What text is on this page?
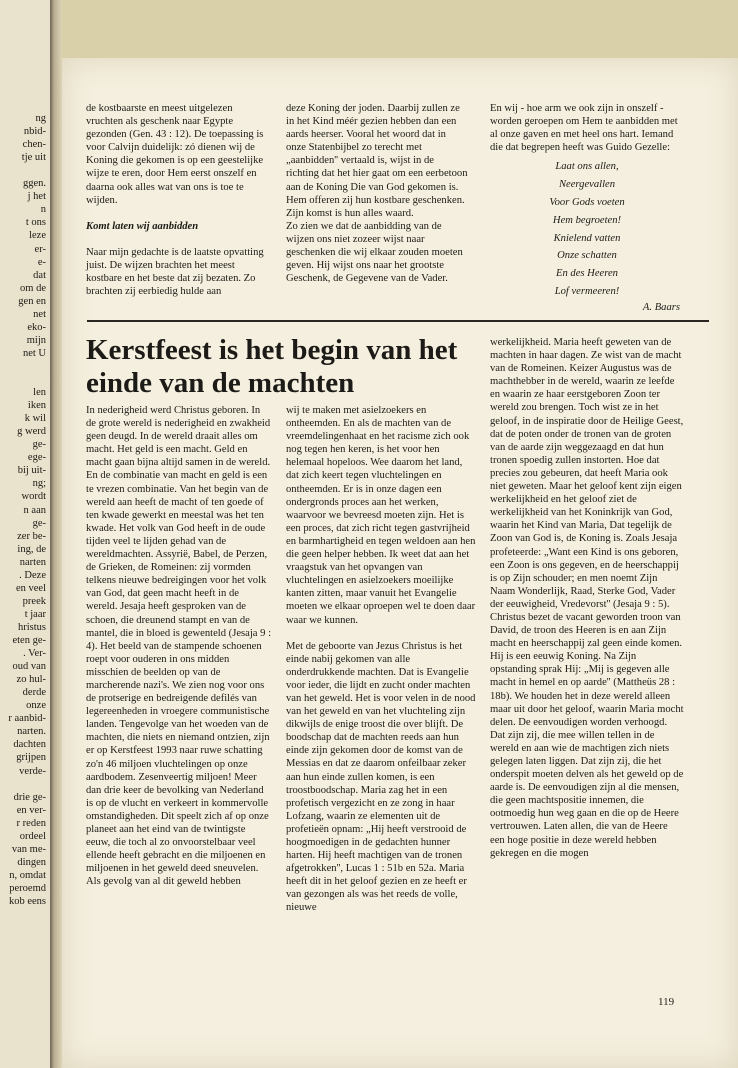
ng
nbid-
chen-
tje uit
ggen.
j het
n
t ons
leze
er-
e-
dat
om de
gen en
net
eko-
mijn
net U
len
iken
k wil
g werd
ge-
ege-
bij uit-
ng;
wordt
n aan
ge-
zer be-
ing, de
narten
. Deze
en veel
preek
t jaar
hristus
eten ge-
. Ver-
oud van
zo hul-
derde
onze
r aanbid-
narten.
dachten
grijpen
verde-
drie ge-
en ver-
r reden
ordeel
van me-
dingen
n, omdat
peroemd
kob eens

de kostbaarste en meest uitgelezen vruchten als geschenk naar Egypte gezonden (Gen. 43 : 12). De toepassing is voor Calvijn duidelijk: zó dienen wij de Koning die gekomen is op een geestelijke wijze te eren, door Hem eerst onszelf en daarna ook alles wat van ons is toe te wijden.

Komt laten wij aanbidden

Naar mijn gedachte is de laatste opvatting juist. De wijzen brachten het meest kostbare en het beste dat zij bezaten. Zo brachten zij eerbiedig hulde aan

deze Koning der joden. Daarbij zullen ze in het Kind méér gezien hebben dan een aards heerser. Vooral het woord dat in onze Statenbijbel zo terecht met „aanbidden'' vertaald is, wijst in de richting dat het hier gaat om een eerbetoon aan de Koning Die van God gekomen is. Hem offeren zij hun kostbare geschenken. Zijn komst is hun alles waard.

Zo zien we dat de aanbidding van de wijzen ons niet zozeer wijst naar geschenken die wij elkaar zouden moeten geven. Hij wijst ons naar het grootste Geschenk, de Gegevene van de Vader.

En wij - hoe arm we ook zijn in onszelf - worden geroepen om Hem te aanbidden met al onze gaven en met heel ons hart. Iemand die dat begrepen heeft was Guido Gezelle:

Laat ons allen,
Neergevallen
Voor Gods voeten
Hem begroeten!
Knielend vatten
Onze schatten
En des Heeren
Lof vermeeren!
A. Baars
Kerstfeest is het begin van het einde van de machten

In nederigheid werd Christus geboren. In de grote wereld is nederigheid en zwakheid geen deugd. In de wereld draait alles om macht. Het geld is een macht. Geld en macht gaan bijna altijd samen in de wereld. En de combinatie van macht en geld is een te vrezen combinatie. Van het begin van de wereld aan heeft de macht of ten goede of ten kwade gewerkt en meestal was het ten kwade. Het volk van God heeft in de oude tijden veel te lijden gehad van de wereldmachten. Assyrië, Babel, de Perzen, de Grieken, de Romeinen: zij vormden telkens nieuwe bedreigingen voor het volk van God, dat geen macht heeft in de wereld. Jesaja heeft gesproken van de schoen, die dreunend stampt en van de mantel, die in bloed is gewenteld (Jesaja 9 : 4). Het beeld van de stampende schoenen roept voor ouderen in ons midden misschien de beelden op van de marcherende nazi's. We zien nog voor ons de protserige en bedreigende defilés van legereenheden in vroegere communistische landen. Tengevolge van het woeden van de machten, die niets en niemand ontzien, zijn er op Kerstfeest 1993 naar ruwe schatting zo'n 46 miljoen vluchtelingen op onze aardbodem. Zesenveertig miljoen! Meer dan drie keer de bevolking van Nederland is op de vlucht en verkeert in kommervolle omstandigheden. Dit speelt zich af op onze planeet aan het eind van de twintigste eeuw, die toch al zo onvoorstelbaar veel ellende heeft gebracht en die miljoenen en miljoenen in het geweld deed sneuvelen. Als gevolg van al dit geweld hebben

wij te maken met asielzoekers en ontheemden. En als de machten van de vreemdelingenhaat en het racisme zich ook nog tegen hen keren, is het voor hen helemaal hopeloos. Wee daarom het land, dat zich keert tegen vluchtelingen en ontheemden. Er is in onze dagen een ondergronds proces aan het werken, waarvoor we bevreesd moeten zijn. Het is een proces, dat zich richt tegen gastvrijheid en barmhartigheid en tegen weldoen aan hen die geen helper hebben. Ik weet dat aan het vraagstuk van het opvangen van vluchtelingen en asielzoekers moeilijke kanten zitten, maar vanuit het Evangelie moeten we elkaar oproepen wel te doen daar waar we kunnen.

Met de geboorte van Jezus Christus is het einde nabij gekomen van alle onderdrukkende machten. Dat is Evangelie voor ieder, die lijdt en zucht onder machten van het geweld. Het is voor velen in de nood van het geweld en van het vluchteling zijn dikwijls de enige troost die over blijft. De boodschap dat de machten reeds aan hun einde zijn gekomen door de komst van de Messias en dat ze daarom onfeilbaar zeker aan hun einde zullen komen, is een troostboodschap. Maria zag het in een profetisch vergezicht en ze zong in haar Lofzang, waarin ze elementen uit de profetieën opnam: „Hij heeft verstrooid de hoogmoedigen in de gedachten hunner harten. Hij heeft machtigen van de tronen afgetrokken'', Lucas 1 : 51b en 52a. Maria heeft dit in het geloof gezien en ze heeft er van gezongen als was het reeds de volle, nieuwe

werkelijkheid. Maria heeft geweten van de machten in haar dagen. Ze wist van de macht van de Romeinen. Keizer Augustus was de machthebber in de wereld, waarin ze leefde en waarin ze haar eerstgeboren Zoon ter wereld zou brengen. Toch wist ze in het geloof, in de inspiratie door de Heilige Geest, dat de poten onder de tronen van de groten van de aarde zijn weggezaagd en dat hun tronen spoedig zullen instorten. Hoe dat precies zou gebeuren, dat heeft Maria ook niet geweten. Maar het geloof kent zijn eigen werkelijkheid en het geloof ziet de werkelijkheid van het Koninkrijk van God, waarin het Kind van Maria, Dat tegelijk de Zoon van God is, de Koning is. Zoals Jesaja profeteerde: „Want een Kind is ons geboren, een Zoon is ons gegeven, en de heerschappij is op Zijn schouder; en men noemt Zijn Naam Wonderlijk, Raad, Sterke God, Vader der eeuwigheid, Vredevorst'' (Jesaja 9 : 5). Christus bezet de vacant geworden troon van David, de troon des Heeren is en aan Zijn macht en heerschappij zal geen einde komen. Hij is een eeuwig Koning. Na Zijn opstanding sprak Hij: „Mij is gegeven alle macht in hemel en op aarde'' (Mattheüs 28 : 18b). We houden het in deze wereld alleen maar uit door het geloof, waarin Maria mocht delen. De eenvoudigen worden verhoogd. Dat zijn zij, die mee willen tellen in de wereld en aan wie de machtigen zich niets gelegen laten liggen. Dat zijn zij, die het onderspit moeten delven als het geweld op de aarde is. De eenvoudigen zijn al die mensen, die geen machtspositie innemen, die ootmoedig hun weg gaan en die op de Heere vertrouwen. Laten allen, die van de Heere een hoge positie in deze wereld hebben gekregen en die mogen

119
